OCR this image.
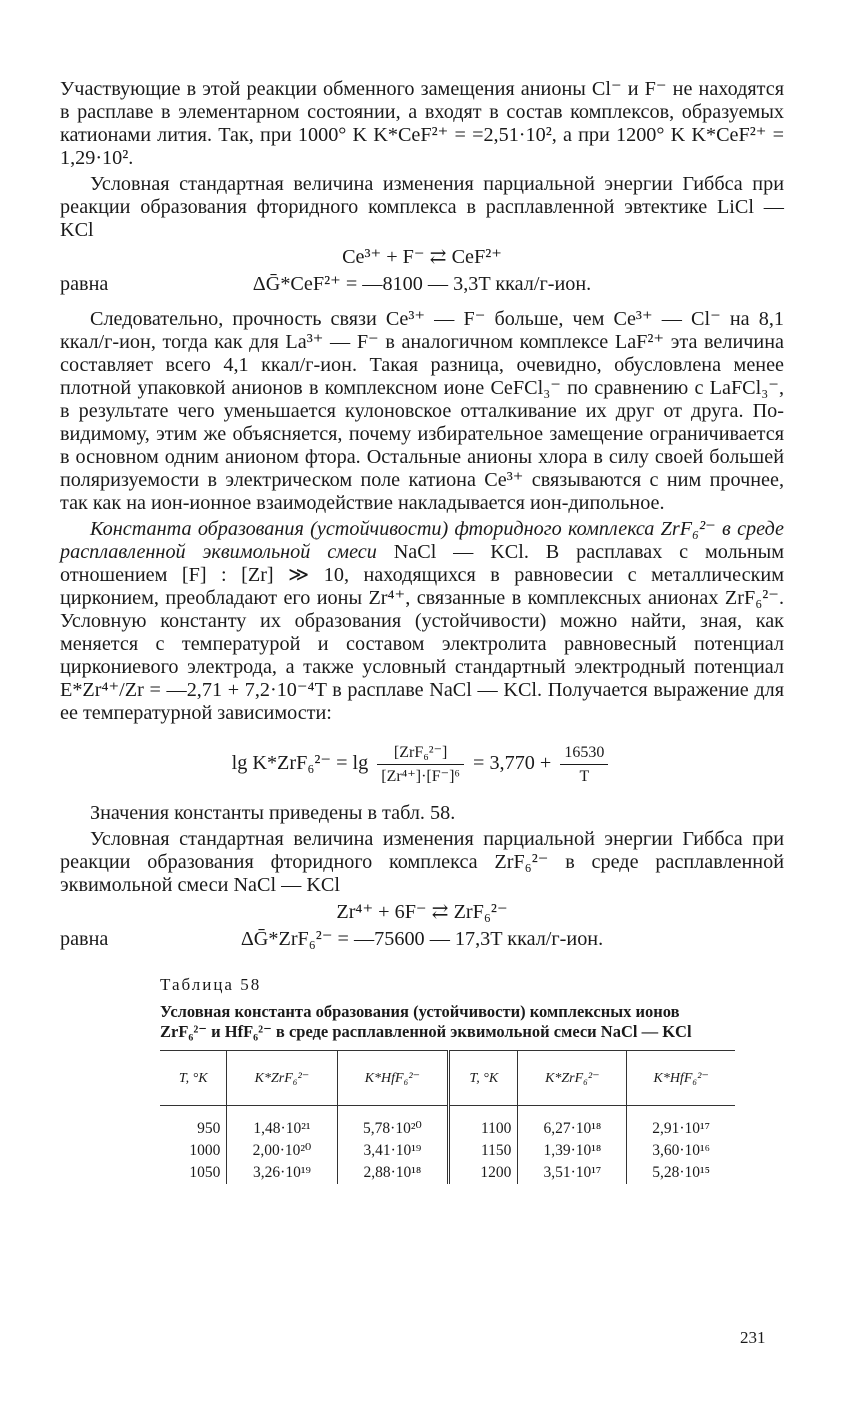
Участвующие в этой реакции обменного замещения анионы Cl⁻ и F⁻ не находятся в расплаве в элементарном состоянии, а входят в состав комплексов, образуемых катионами лития. Так, при 1000° K K*CeF²⁺ = =2,51·10², а при 1200° K K*CeF²⁺ = 1,29·10².

Условная стандартная величина изменения парциальной энергии Гиббса при реакции образования фторидного комплекса в расплавленной эвтектике LiCl — KCl

Ce³⁺ + F⁻ ⇄ CeF²⁺
равна	ΔḠ*CeF²⁺ = —8100 — 3,3T ккал/г-ион.

Следовательно, прочность связи Ce³⁺ — F⁻ больше, чем Ce³⁺ — Cl⁻ на 8,1 ккал/г-ион, тогда как для La³⁺ — F⁻ в аналогичном комплексе LaF²⁺ эта величина составляет всего 4,1 ккал/г-ион. Такая разница, очевидно, обусловлена менее плотной упаковкой анионов в комплексном ионе CeFCl₃⁻ по сравнению с LaFCl₃⁻, в результате чего уменьшается кулоновское отталкивание их друг от друга. По-видимому, этим же объясняется, почему избирательное замещение ограничивается в основном одним анионом фтора. Остальные анионы хлора в силу своей большей поляризуемости в электрическом поле катиона Ce³⁺ связываются с ним прочнее, так как на ион-ионное взаимодействие накладывается ион-дипольное.

Константа образования (устойчивости) фторидного комплекса ZrF₆²⁻ в среде расплавленной эквимольной смеси NaCl — KCl. В расплавах с мольным отношением [F] : [Zr] ≫ 10, находящихся в равновесии с металлическим цирконием, преобладают его ионы Zr⁴⁺, связанные в комплексных анионах ZrF₆²⁻. Условную константу их образования (устойчивости) можно найти, зная, как меняется с температурой и составом электролита равновесный потенциал циркониевого электрода, а также условный стандартный электродный потенциал E*Zr⁴⁺/Zr = —2,71 + 7,2·10⁻⁴T в расплаве NaCl — KCl. Получается выражение для ее температурной зависимости:

$\lg K*ZrF_6^{2-} = \lg \frac{\text{[ZrF₆²⁻]}}{\text{[Zr⁴⁺]·[F⁻]⁶}} = 3,770 + \frac{16530}{T}$

Значения константы приведены в табл. 58.

Условная стандартная величина изменения парциальной энергии Гиббса при реакции образования фторидного комплекса ZrF₆²⁻ в среде расплавленной эквимольной смеси NaCl — KCl

Zr⁴⁺ + 6F⁻ ⇄ ZrF₆²⁻
равна	ΔḠ*ZrF₆²⁻ = —75600 — 17,3T ккал/г-ион.
Таблица 58
Условная константа образования (устойчивости) комплексных ионов ZrF₆²⁻ и HfF₆²⁻ в среде расплавленной эквимольной смеси NaCl — KCl
T, °K	K*ZrF₆²⁻	K*HfF₆²⁻	T, °K	K*ZrF₆²⁻	K*HfF₆²⁻
950	1,48·10²¹	5,78·10²⁰	1100	6,27·10¹⁸	2,91·10¹⁷
1000	2,00·10²⁰	3,41·10¹⁹	1150	1,39·10¹⁸	3,60·10¹⁶
1050	3,26·10¹⁹	2,88·10¹⁸	1200	3,51·10¹⁷	5,28·10¹⁵
231
